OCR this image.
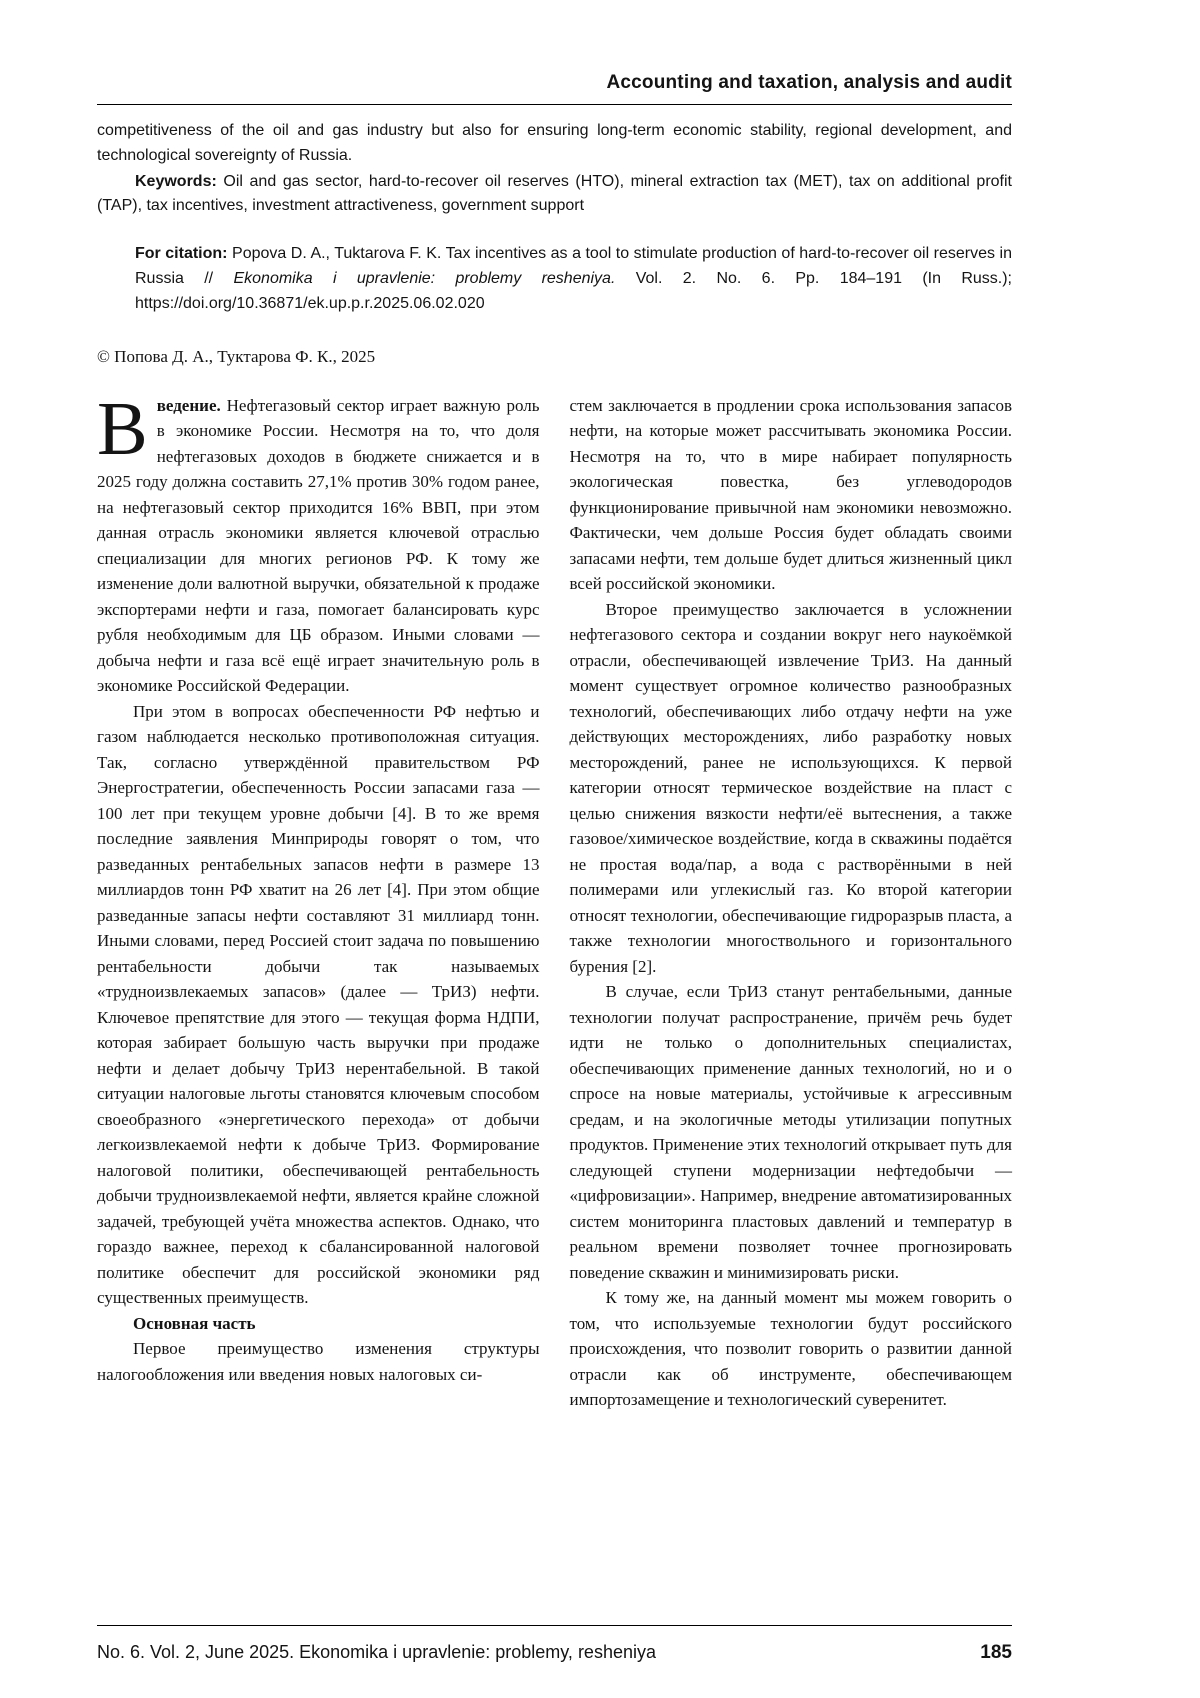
Accounting and taxation, analysis and audit

competitiveness of the oil and gas industry but also for ensuring long-term economic stability, regional development, and technological sovereignty of Russia.

Keywords: Oil and gas sector, hard-to-recover oil reserves (HTO), mineral extraction tax (MET), tax on additional profit (TAP), tax incentives, investment attractiveness, government support

For citation: Popova D. A., Tuktarova F. K. Tax incentives as a tool to stimulate production of hard-to-recover oil reserves in Russia // Ekonomika i upravlenie: problemy resheniya. Vol. 2. No. 6. Pp. 184–191 (In Russ.); https://doi.org/10.36871/ek.up.p.r.2025.06.02.020

© Попова Д. А., Туктарова Ф. К., 2025

Введение. Нефтегазовый сектор играет важную роль в экономике России. Несмотря на то, что доля нефтегазовых доходов в бюджете снижается и в 2025 году должна составить 27,1% против 30% годом ранее, на нефтегазовый сектор приходится 16% ВВП, при этом данная отрасль экономики является ключевой отраслью специализации для многих регионов РФ. К тому же изменение доли валютной выручки, обязательной к продаже экспортерами нефти и газа, помогает балансировать курс рубля необходимым для ЦБ образом. Иными словами — добыча нефти и газа всё ещё играет значительную роль в экономике Российской Федерации.

При этом в вопросах обеспеченности РФ нефтью и газом наблюдается несколько противоположная ситуация. Так, согласно утверждённой правительством РФ Энергостратегии, обеспеченность России запасами газа — 100 лет при текущем уровне добычи [4]. В то же время последние заявления Минприроды говорят о том, что разведанных рентабельных запасов нефти в размере 13 миллиардов тонн РФ хватит на 26 лет [4]. При этом общие разведанные запасы нефти составляют 31 миллиард тонн. Иными словами, перед Россией стоит задача по повышению рентабельности добычи так называемых «трудноизвлекаемых запасов» (далее — ТрИЗ) нефти. Ключевое препятствие для этого — текущая форма НДПИ, которая забирает большую часть выручки при продаже нефти и делает добычу ТрИЗ нерентабельной. В такой ситуации налоговые льготы становятся ключевым способом своеобразного «энергетического перехода» от добычи легкоизвлекаемой нефти к добыче ТрИЗ. Формирование налоговой политики, обеспечивающей рентабельность добычи трудноизвлекаемой нефти, является крайне сложной задачей, требующей учёта множества аспектов. Однако, что гораздо важнее, переход к сбалансированной налоговой политике обеспечит для российской экономики ряд существенных преимуществ.

Основная часть

Первое преимущество изменения структуры налогообложения или введения новых налоговых си-

стем заключается в продлении срока использования запасов нефти, на которые может рассчитывать экономика России. Несмотря на то, что в мире набирает популярность экологическая повестка, без углеводородов функционирование привычной нам экономики невозможно. Фактически, чем дольше Россия будет обладать своими запасами нефти, тем дольше будет длиться жизненный цикл всей российской экономики.

Второе преимущество заключается в усложнении нефтегазового сектора и создании вокруг него наукоёмкой отрасли, обеспечивающей извлечение ТрИЗ. На данный момент существует огромное количество разнообразных технологий, обеспечивающих либо отдачу нефти на уже действующих месторождениях, либо разработку новых месторождений, ранее не использующихся. К первой категории относят термическое воздействие на пласт с целью снижения вязкости нефти/её вытеснения, а также газовое/химическое воздействие, когда в скважины подаётся не простая вода/пар, а вода с растворёнными в ней полимерами или углекислый газ. Ко второй категории относят технологии, обеспечивающие гидроразрыв пласта, а также технологии многоствольного и горизонтального бурения [2].

В случае, если ТрИЗ станут рентабельными, данные технологии получат распространение, причём речь будет идти не только о дополнительных специалистах, обеспечивающих применение данных технологий, но и о спросе на новые материалы, устойчивые к агрессивным средам, и на экологичные методы утилизации попутных продуктов. Применение этих технологий открывает путь для следующей ступени модернизации нефтедобычи — «цифровизации». Например, внедрение автоматизированных систем мониторинга пластовых давлений и температур в реальном времени позволяет точнее прогнозировать поведение скважин и минимизировать риски.

К тому же, на данный момент мы можем говорить о том, что используемые технологии будут российского происхождения, что позволит говорить о развитии данной отрасли как об инструменте, обеспечивающем импортозамещение и технологический суверенитет.

No. 6. Vol. 2, June 2025. Ekonomika i upravlenie: problemy, resheniya	185
